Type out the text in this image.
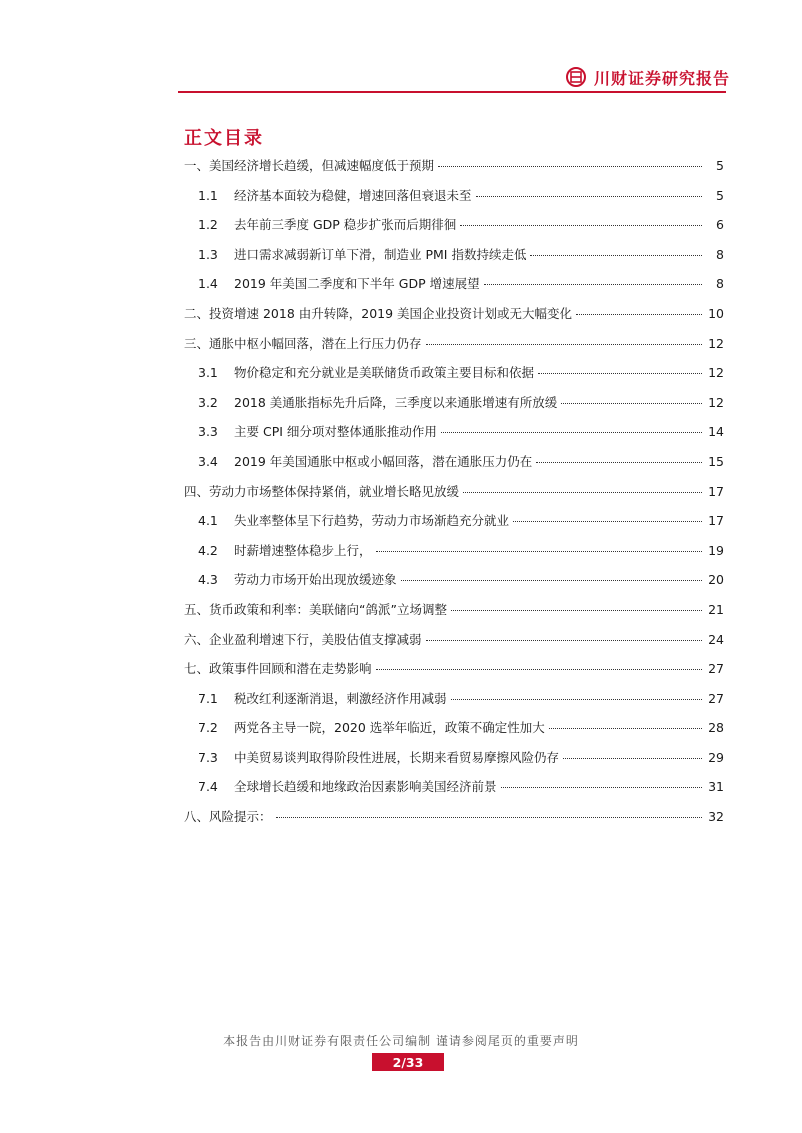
川财证券研究报告
正文目录
一、美国经济增长趋缓，但减速幅度低于预期	5
1.1	经济基本面较为稳健，增速回落但衰退未至	5
1.2	去年前三季度 GDP 稳步扩张而后期徘徊	6
1.3	进口需求减弱新订单下滑，制造业 PMI 指数持续走低	8
1.4	2019 年美国二季度和下半年 GDP 增速展望	8
二、投资增速 2018 由升转降，2019 美国企业投资计划或无大幅变化	10
三、通胀中枢小幅回落，潜在上行压力仍存	12
3.1	物价稳定和充分就业是美联储货币政策主要目标和依据	12
3.2	2018 美通胀指标先升后降，三季度以来通胀增速有所放缓	12
3.3	主要 CPI 细分项对整体通胀推动作用	14
3.4	2019 年美国通胀中枢或小幅回落，潜在通胀压力仍在	15
四、劳动力市场整体保持紧俏，就业增长略见放缓	17
4.1	失业率整体呈下行趋势，劳动力市场渐趋充分就业	17
4.2	时薪增速整体稳步上行，	19
4.3	劳动力市场开始出现放缓迹象	20
五、货币政策和利率：美联储向“鸽派”立场调整	21
六、企业盈利增速下行，美股估值支撑减弱	24
七、政策事件回顾和潜在走势影响	27
7.1	税改红利逐渐消退，刺激经济作用减弱	27
7.2	两党各主导一院，2020 选举年临近，政策不确定性加大	28
7.3	中美贸易谈判取得阶段性进展，长期来看贸易摩擦风险仍存	29
7.4	全球增长趋缓和地缘政治因素影响美国经济前景	31
八、风险提示：	32
本报告由川财证券有限责任公司编制 谨请参阅尾页的重要声明
2/33
